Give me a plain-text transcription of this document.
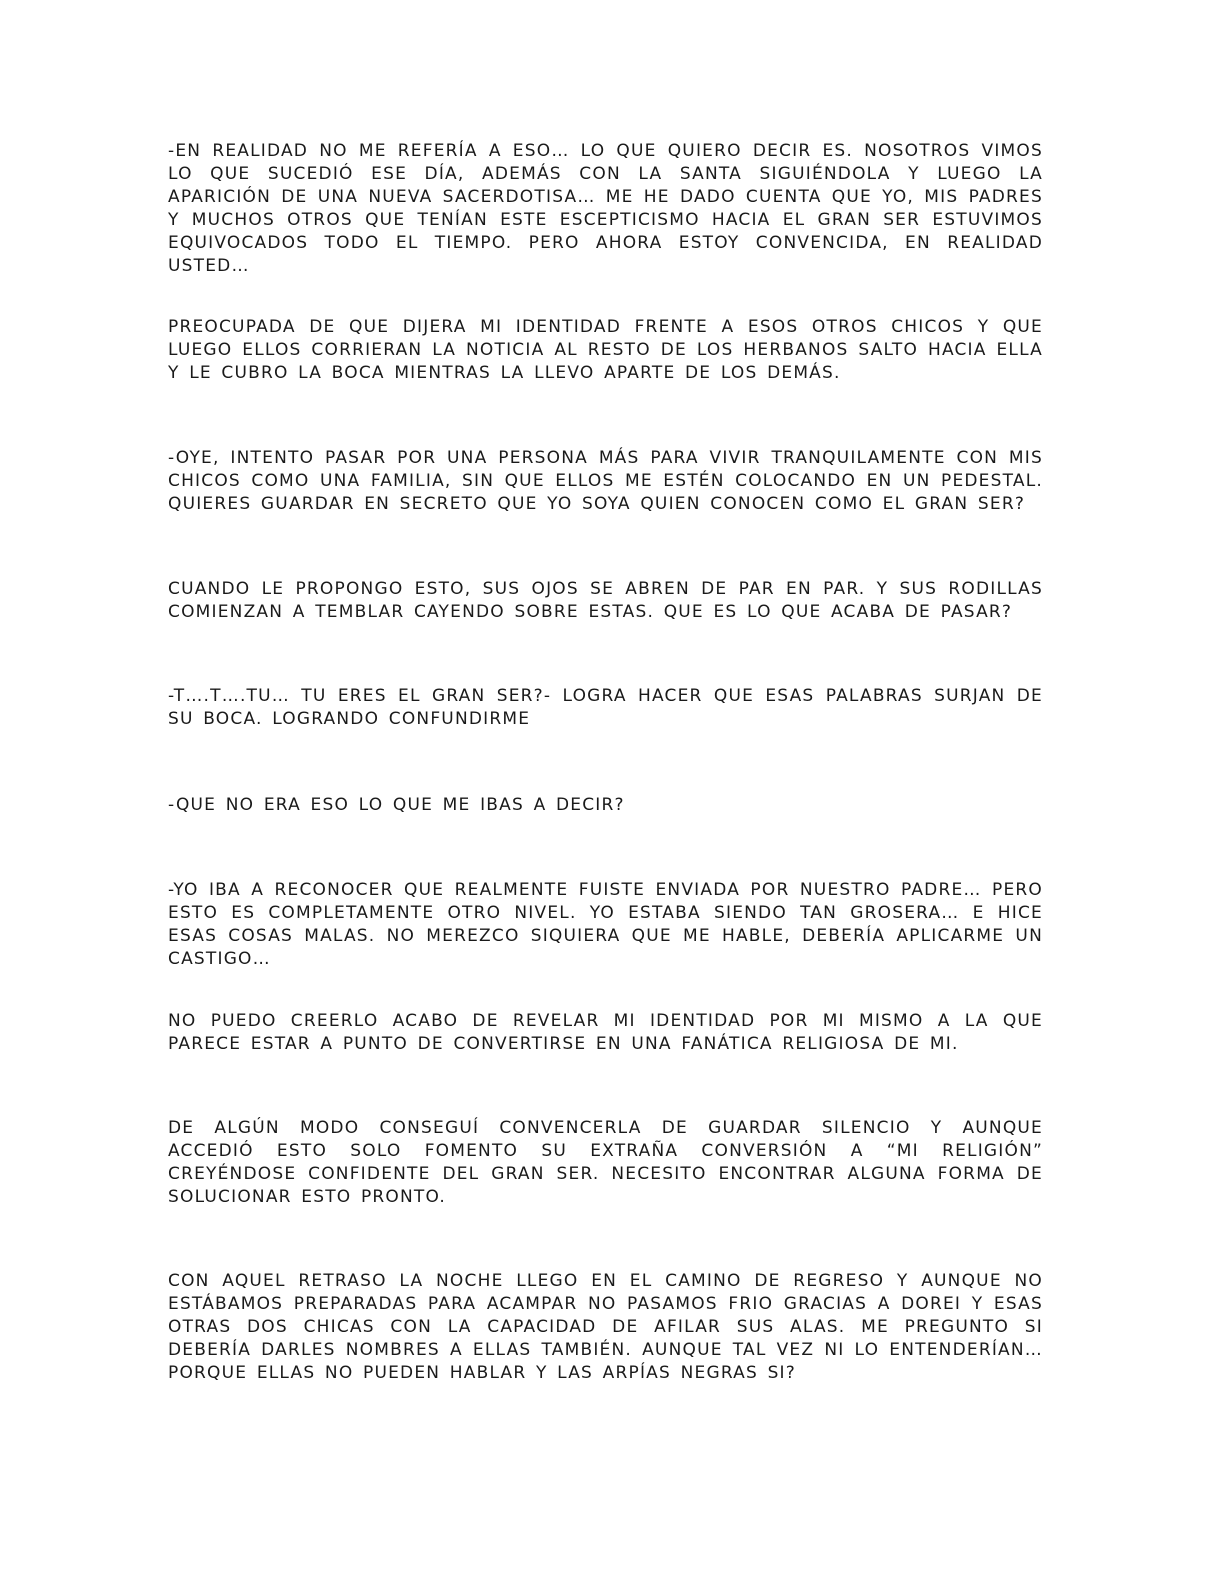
-EN REALIDAD NO ME REFERÍA A ESO… LO QUE QUIERO DECIR ES. NOSOTROS VIMOS LO QUE SUCEDIÓ ESE DÍA, ADEMÁS CON LA SANTA SIGUIÉNDOLA Y LUEGO LA APARICIÓN DE UNA NUEVA SACERDOTISA… ME HE DADO CUENTA QUE YO, MIS PADRES Y MUCHOS OTROS QUE TENÍAN ESTE ESCEPTICISMO HACIA EL GRAN SER ESTUVIMOS EQUIVOCADOS TODO EL TIEMPO. PERO AHORA ESTOY CONVENCIDA, EN REALIDAD USTED…

PREOCUPADA DE QUE DIJERA MI IDENTIDAD FRENTE A ESOS OTROS CHICOS Y QUE LUEGO ELLOS CORRIERAN LA NOTICIA AL RESTO DE LOS HERBANOS SALTO HACIA ELLA Y LE CUBRO LA BOCA MIENTRAS LA LLEVO APARTE DE LOS DEMÁS.

-OYE, INTENTO PASAR POR UNA PERSONA MÁS PARA VIVIR TRANQUILAMENTE CON MIS CHICOS COMO UNA FAMILIA, SIN QUE ELLOS ME ESTÉN COLOCANDO EN UN PEDESTAL. QUIERES GUARDAR EN SECRETO QUE YO SOYA QUIEN CONOCEN COMO EL GRAN SER?

CUANDO LE PROPONGO ESTO, SUS OJOS SE ABREN DE PAR EN PAR. Y SUS RODILLAS COMIENZAN A TEMBLAR CAYENDO SOBRE ESTAS. QUE ES LO QUE ACABA DE PASAR?

-T….T….TU… TU ERES EL GRAN SER?- LOGRA HACER QUE ESAS PALABRAS SURJAN DE SU BOCA. LOGRANDO CONFUNDIRME

-QUE NO ERA ESO LO QUE ME IBAS A DECIR?

-YO IBA A RECONOCER QUE REALMENTE FUISTE ENVIADA POR NUESTRO PADRE… PERO ESTO ES COMPLETAMENTE OTRO NIVEL. YO ESTABA SIENDO TAN GROSERA… E HICE ESAS COSAS MALAS. NO MEREZCO SIQUIERA QUE ME HABLE, DEBERÍA APLICARME UN CASTIGO…

NO PUEDO CREERLO ACABO DE REVELAR MI IDENTIDAD POR MI MISMO A LA QUE PARECE ESTAR A PUNTO DE CONVERTIRSE EN UNA FANÁTICA RELIGIOSA DE MI.

DE ALGÚN MODO CONSEGUÍ CONVENCERLA DE GUARDAR SILENCIO Y AUNQUE ACCEDIÓ ESTO SOLO FOMENTO SU EXTRAÑA CONVERSIÓN A “MI RELIGIÓN” CREYÉNDOSE CONFIDENTE DEL GRAN SER. NECESITO ENCONTRAR ALGUNA FORMA DE SOLUCIONAR ESTO PRONTO.

CON AQUEL RETRASO LA NOCHE LLEGO EN EL CAMINO DE REGRESO Y AUNQUE NO ESTÁBAMOS PREPARADAS PARA ACAMPAR NO PASAMOS FRIO GRACIAS A DOREI Y ESAS OTRAS DOS CHICAS CON LA CAPACIDAD DE AFILAR SUS ALAS. ME PREGUNTO SI DEBERÍA DARLES NOMBRES A ELLAS TAMBIÉN. AUNQUE TAL VEZ NI LO ENTENDERÍAN… PORQUE ELLAS NO PUEDEN HABLAR Y LAS ARPÍAS NEGRAS SI?
